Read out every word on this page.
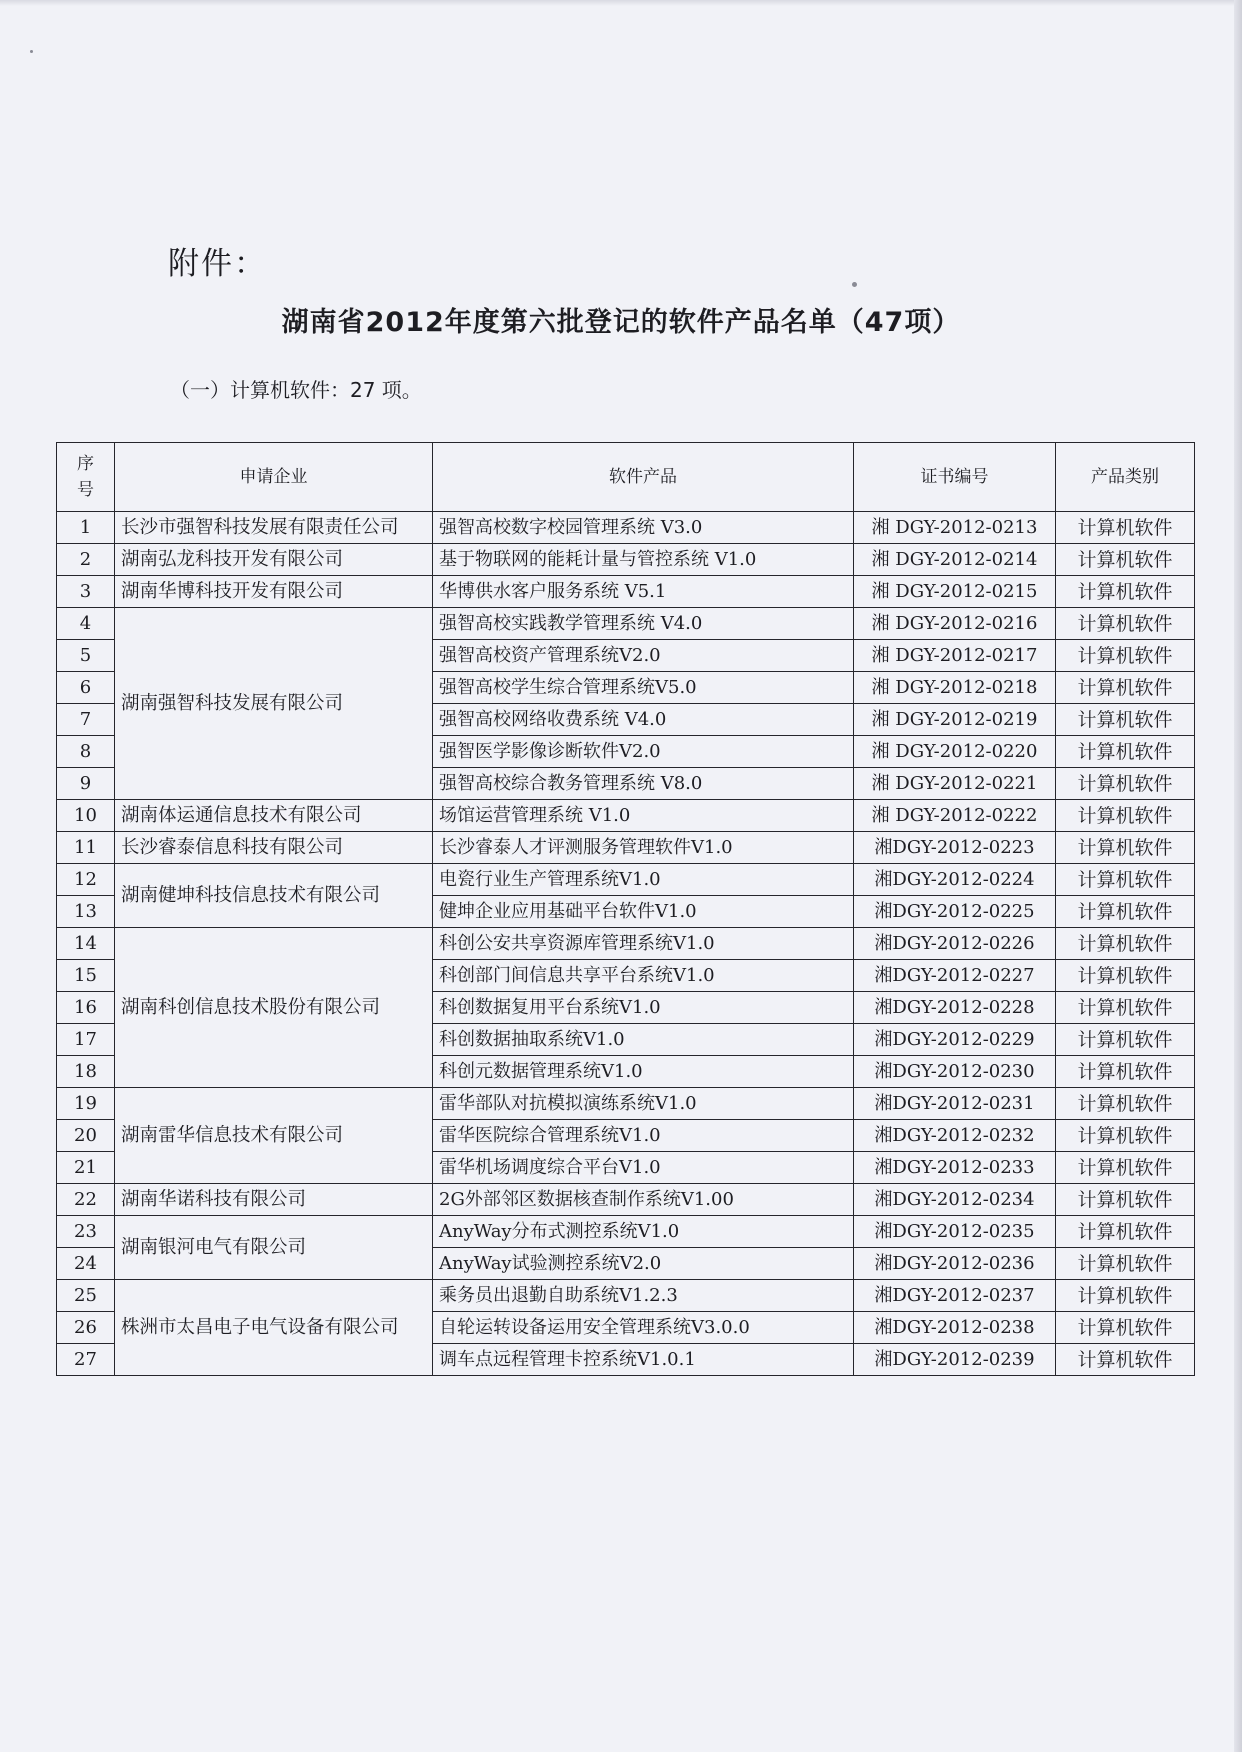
附件：
湖南省2012年度第六批登记的软件产品名单（47项）
（一）计算机软件：27 项。
序号	申请企业	软件产品	证书编号	产品类别
1	长沙市强智科技发展有限责任公司	强智高校数字校园管理系统 V3.0	湘 DGY-2012-0213	计算机软件
2	湖南弘龙科技开发有限公司	基于物联网的能耗计量与管控系统 V1.0	湘 DGY-2012-0214	计算机软件
3	湖南华博科技开发有限公司	华博供水客户服务系统 V5.1	湘 DGY-2012-0215	计算机软件
4	湖南强智科技发展有限公司	强智高校实践教学管理系统 V4.0	湘 DGY-2012-0216	计算机软件
5		强智高校资产管理系统V2.0	湘 DGY-2012-0217	计算机软件
6		强智高校学生综合管理系统V5.0	湘 DGY-2012-0218	计算机软件
7		强智高校网络收费系统 V4.0	湘 DGY-2012-0219	计算机软件
8		强智医学影像诊断软件V2.0	湘 DGY-2012-0220	计算机软件
9		强智高校综合教务管理系统 V8.0	湘 DGY-2012-0221	计算机软件
10	湖南体运通信息技术有限公司	场馆运营管理系统 V1.0	湘 DGY-2012-0222	计算机软件
11	长沙睿泰信息科技有限公司	长沙睿泰人才评测服务管理软件V1.0	湘DGY-2012-0223	计算机软件
12	湖南健坤科技信息技术有限公司	电瓷行业生产管理系统V1.0	湘DGY-2012-0224	计算机软件
13		健坤企业应用基础平台软件V1.0	湘DGY-2012-0225	计算机软件
14	湖南科创信息技术股份有限公司	科创公安共享资源库管理系统V1.0	湘DGY-2012-0226	计算机软件
15		科创部门间信息共享平台系统V1.0	湘DGY-2012-0227	计算机软件
16		科创数据复用平台系统V1.0	湘DGY-2012-0228	计算机软件
17		科创数据抽取系统V1.0	湘DGY-2012-0229	计算机软件
18		科创元数据管理系统V1.0	湘DGY-2012-0230	计算机软件
19	湖南雷华信息技术有限公司	雷华部队对抗模拟演练系统V1.0	湘DGY-2012-0231	计算机软件
20		雷华医院综合管理系统V1.0	湘DGY-2012-0232	计算机软件
21		雷华机场调度综合平台V1.0	湘DGY-2012-0233	计算机软件
22	湖南华诺科技有限公司	2G外部邻区数据核查制作系统V1.00	湘DGY-2012-0234	计算机软件
23	湖南银河电气有限公司	AnyWay分布式测控系统V1.0	湘DGY-2012-0235	计算机软件
24		AnyWay试验测控系统V2.0	湘DGY-2012-0236	计算机软件
25	株洲市太昌电子电气设备有限公司	乘务员出退勤自助系统V1.2.3	湘DGY-2012-0237	计算机软件
26		自轮运转设备运用安全管理系统V3.0.0	湘DGY-2012-0238	计算机软件
27		调车点远程管理卡控系统V1.0.1	湘DGY-2012-0239	计算机软件
